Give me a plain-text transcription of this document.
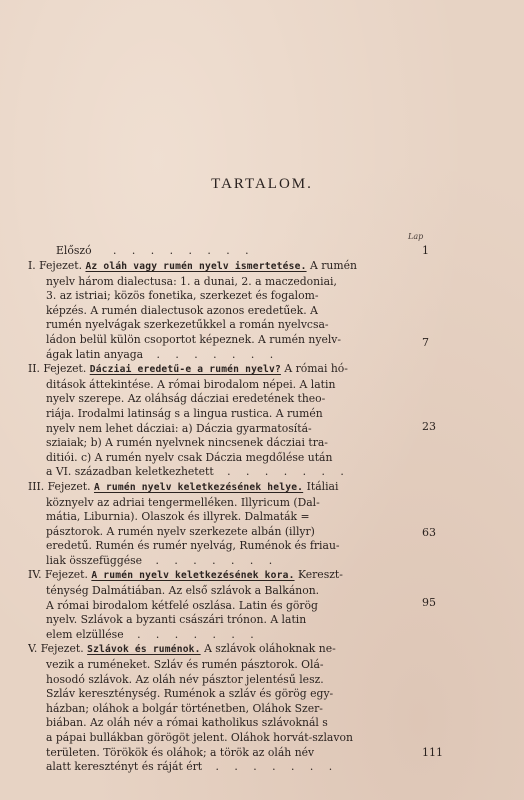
TARTALOM.
Lap
Előszó . . . . . . . .
I. Fejezet. Az oláh vagy rumén nyelv ismertetése. A rumén
nyelv három dialectusa: 1. a dunai, 2. a maczedoniai,
3. az istriai; közös fonetika, szerkezet és fogalom-
képzés. A rumén dialectusok azonos eredetűek. A
rumén nyelvágak szerkezetűkkel a román nyelvcsa-
ládon belül külön csoportot képeznek. A rumén nyelv-
ágak latin anyaga . . . . . . .
II. Fejezet. Dácziai eredetű-e a rumén nyelv? A római hó-
ditások áttekintése. A római birodalom népei. A latin
nyelv szerepe. Az oláhság dácziai eredetének theo-
riája. Irodalmi latinság s a lingua rustica. A rumén
nyelv nem lehet dácziai: a) Dáczia gyarmatosítá-
sziaiak; b) A rumén nyelvnek nincsenek dácziai tra-
ditiói. c) A rumén nyelv csak Dáczia megdőlése után
a VI. században keletkezhetett . . . . . . .
III. Fejezet. A rumén nyelv keletkezésének helye. Itáliai
köznyelv az adriai tengermelléken. Illyricum (Dal-
mátia, Liburnia). Olaszok és illyrek. Dalmaták =
pásztorok. A rumén nyelv szerkezete albán (illyr)
eredetű. Rumén és rumér nyelvág, Ruménok és friau-
liak összefüggése . . . . . . .
IV. Fejezet. A rumén nyelv keletkezésének kora. Kereszt-
ténység Dalmátiában. Az első szlávok a Balkánon.
A római birodalom kétfelé oszlása. Latin és görög
nyelv. Szlávok a byzanti császári trónon. A latin
elem elzüllése . . . . . . .
V. Fejezet. Szlávok és ruménok. A szlávok oláhoknak ne-
vezik a ruméneket. Szláv és rumén pásztorok. Olá-
hosodó szlávok. Az oláh név pásztor jelentésű lesz.
Szláv kereszténység. Ruménok a szláv és görög egy-
házban; oláhok a bolgár történetben, Oláhok Szer-
biában. Az oláh név a római katholikus szlávoknál s
a pápai bullákban görögöt jelent. Oláhok horvát-szlavon
területen. Törökök és oláhok; a török az oláh név
alatt keresztényt és ráját ért . . . . . . .
1
7
23
63
95
111
